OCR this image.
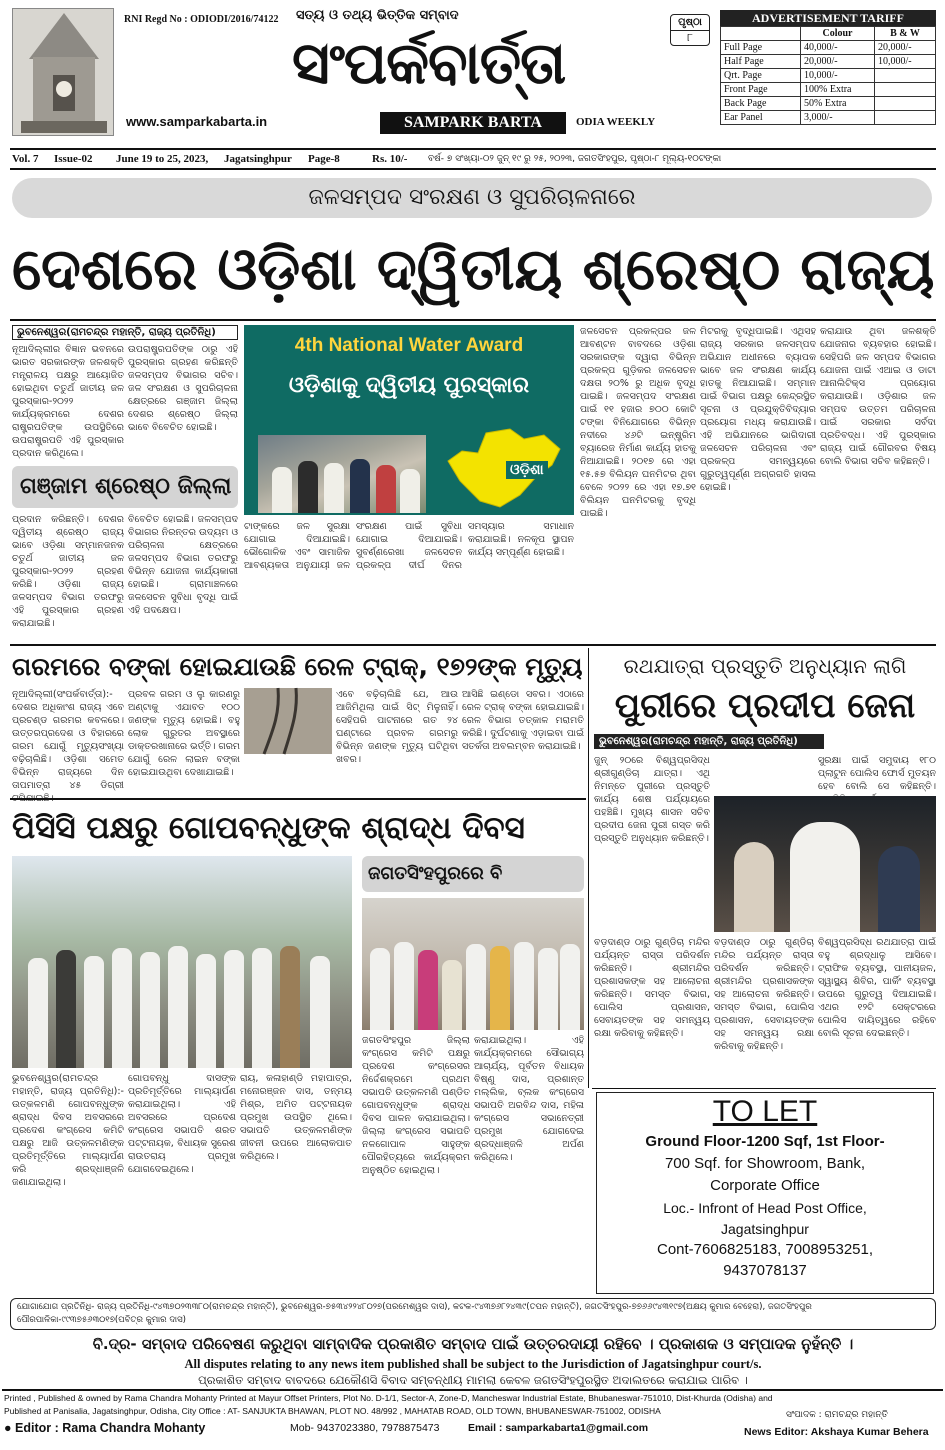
RNI Regd No : ODIODI/2016/74122 ସତ୍ୟ ଓ ତଥ୍ୟ ଭିତ୍ତିକ ସମ୍ବାଦ
ସଂପର୍କବାର୍ତ୍ତା
SAMPARK BARTA	ODIA WEEKLY
www.samparkabarta.in
ପୃଷ୍ଠା
୮
ADVERTISEMENT TARIFF
	Colour	B & W
Full Page	40,000/-	20,000/-
Half Page	20,000/-	10,000/-
Qrt. Page	10,000/-	
Front Page	100% Extra	
Back Page	50% Extra	
Ear Panel	3,000/-	
Vol. 7 Issue-02 June 19 to 25, 2023, Jagatsinghpur Page-8	Rs. 10/- ବର୍ଷ- ୭ ସଂଖ୍ୟା-୦୨ ଜୁନ୍ ୧୯ ରୁ ୨୫, ୨୦୨୩, ଜଗତସିଂହପୁର, ପୃଷ୍ଠା-୮ ମୂଲ୍ୟ-୧୦ଟଙ୍କା
ଜଳସମ୍ପଦ ସଂରକ୍ଷଣ ଓ ସୁପରିଚାଳନାରେ
ଦେଶରେ ଓଡ଼ିଶା ଦ୍ୱିତୀୟ ଶ୍ରେଷ୍ଠ ରାଜ୍ୟ
ଭୁବନେଶ୍ୱର(ରାମଚନ୍ଦ୍ର ମହାନ୍ତି, ରାଜ୍ୟ ପ୍ରତିନିଧି)
ନୂଆଦିଲ୍ଲୀର ବିଜ୍ଞାନ ଭବନରେ ଭାରତ ସରକାରଙ୍କ ଜଳଶକ୍ତି ମନ୍ତ୍ରାଳୟ ପକ୍ଷରୁ ଆୟୋଜିତ ହୋଇଥିବା ଚତୁର୍ଥ ଜାତୀୟ ଜଳ ପୁରସ୍କାର-୨୦୨୨ କାର୍ଯ୍ୟକ୍ରମରେ ଦେଶର ରାଷ୍ଟ୍ରପତିଙ୍କ ଉପସ୍ଥିତିରେ ଉପରାଷ୍ଟ୍ରପତି ଏହି ପୁରସ୍କାର ପ୍ରଦାନ କରିଥିଲେ।
ଉପରାଷ୍ଟ୍ରପତିଙ୍କ ଠାରୁ ଏହି ପୁରସ୍କାର ଗ୍ରହଣ କରିଛନ୍ତି ଜଳସମ୍ପଦ ବିଭାଗର ସଚିବ। ଜଳ ସଂରକ୍ଷଣ ଓ ସୁପରିଚାଳନା କ୍ଷେତ୍ରରେ ଗଞ୍ଜାମ ଜିଲ୍ଲା ଦେଶର ଶ୍ରେଷ୍ଠ ଜିଲ୍ଲା ଭାବେ ବିବେଚିତ ହୋଇଛି।
ଗଞ୍ଜାମ ଶ୍ରେଷ୍ଠ ଜିଲ୍ଲା
ପ୍ରଦାନ କରିଛନ୍ତି। ଦେଶର ଦ୍ୱିତୀୟ ଶ୍ରେଷ୍ଠ ରାଜ୍ୟ ଭାବେ ଓଡ଼ିଶା ସମ୍ମାନଜନକ ଚତୁର୍ଥ ଜାତୀୟ ଜଳ ପୁରସ୍କାର-୨୦୨୨ ଗ୍ରହଣ କରିଛି। ଓଡ଼ିଶା ରାଜ୍ୟ ଜଳସମ୍ପଦ ବିଭାଗ ତରଫରୁ ଏହି ପୁରସ୍କାର ଗ୍ରହଣ କରାଯାଇଛି।
ବିବେଚିତ ହୋଇଛି। ଜଳସମ୍ପଦ ବିଭାଗର ନିରନ୍ତର ଉଦ୍ୟମ ଓ ପରିଚାଳନା କ୍ଷେତ୍ରରେ ଜଳସମ୍ପଦ ବିଭାଗ ତରଫରୁ ବିଭିନ୍ନ ଯୋଜନା କାର୍ଯ୍ୟକାରୀ ହୋଇଛି। ଗ୍ରାମାଞ୍ଚଳରେ ଜଳସେଚନ ସୁବିଧା ବୃଦ୍ଧି ପାଇଁ ଏହି ପଦକ୍ଷେପ।
4th National Water Award
ଓଡ଼ିଶାକୁ ଦ୍ୱିତୀୟ ପୁରସ୍କାର
ଓଡ଼ିଶା
ଟାଙ୍କରେ ଜଳ ସୁରକ୍ଷା ଯୋଗାଇ ଦିଆଯାଇଛି। ଭୌଗୋଳିକ ଏବଂ ସାମାଜିକ ଆବଶ୍ୟକତା ଅନୁଯାୟୀ ଜଳ ସଂରକ୍ଷଣ ପାଇଁ ସୁବିଧା ଯୋଗାଇ ଦିଆଯାଇଛି। ସୁବର୍ଣ୍ଣରେଖା ଜଳସେଚନ ପ୍ରକଳ୍ପ ଦୀର୍ଘ ଦିନର ସମସ୍ୟାର ସମାଧାନ କରାଯାଇଛି। ନଳକୂପ ସ୍ଥାପନ କାର୍ଯ୍ୟ ସମ୍ପୂର୍ଣ୍ଣ ହୋଇଛି।
ଜଳସେଚନ ପ୍ରକଳ୍ପର ଜଳ ଆବଣ୍ଟନ ବାବଦରେ ଓଡ଼ିଶା ସରକାରଙ୍କ ଦ୍ୱାରା ବିଭିନ୍ନ ପ୍ରକଳ୍ପ ଗୁଡ଼ିକର ଜଳସେଚନ ଦକ୍ଷତା ୨୦% ରୁ ଅଧିକ ବୃଦ୍ଧି ପାଇଛି। ଜଳସମ୍ପଦ ସଂରକ୍ଷଣ ପାଇଁ ୧୧ ହଜାର ୭୦୦ କୋଟି ଟଙ୍କା ବିନିଯୋଗରେ ବିଭିନ୍ନ ନଦୀରେ ୪୬ଟି ଇନ୍‌ଷ୍ଟ୍ରିମ ବ୍ୟାରେଜ ନିର୍ମାଣ କାର୍ଯ୍ୟ ହାତକୁ ନିଆଯାଇଛି। ୨୦୧୭ ରେ ଏହା ୧୫.୫୭ ବିଲିୟନ ଘନମିଟର ଥିବା ବେଳେ ୨୦୨୨ ରେ ଏହା ୧୭.୭୧ ବିଲିୟନ ଘନମିଟରକୁ ବୃଦ୍ଧି ପାଇଛି।
ମିଟରକୁ ବୃଦ୍ଧିପାଇଛି। ଏଥିସହ ରାଜ୍ୟ ସରକାର ଜଳସମ୍ପଦ ଅଭିଯାନ ଅଧୀନରେ ବ୍ୟାପକ ଭାବେ ଜଳ ସଂରକ୍ଷଣ କାର୍ଯ୍ୟ ହାତକୁ ନିଆଯାଇଛି। ସମ୍ମାନ ପାଇଁ ବିଭାଗ ପକ୍ଷରୁ କେନ୍ଦ୍ରସ୍ଥିତ ସୂଚନା ଓ ପ୍ରଯୁକ୍ତିବିଦ୍ୟାର ପ୍ରୟୋଗ ମଧ୍ୟ କରାଯାଉଛି। ଏହି ଅଭିଯାନରେ ଭାଗିଦାରୀ ଜଳସେଚନ ପରିଚାଳନା ଏବଂ ପ୍ରକଳ୍ପ ସମନ୍ୱୟରେ ଗୁରୁତ୍ୱପୂର୍ଣ୍ଣ ଅଗ୍ରଗତି ହାସଲ ହୋଇଛି।
କରାଯାଉ ଥିବା ଜଳଶକ୍ତି ଯୋଜନାର ବ୍ୟବହାର ହୋଇଛି। ସେହିପରି ଜଳ ସମ୍ପଦ ବିଭାଗର ଯୋଜନା ପାଇଁ ଏଆଇ ଓ ଡାଟା ଆନାଲିଟିକ୍ସ ପ୍ରୟୋଗ କରାଯାଉଛି। ଓଡ଼ିଶାର ଜଳ ସମ୍ପଦ ଉତ୍ତମ ପରିଚାଳନା ପାଇଁ ସରକାର ସର୍ବଦା ପ୍ରତିବଦ୍ଧ। ଏହି ପୁରସ୍କାର ରାଜ୍ୟ ପାଇଁ ଗୌରବର ବିଷୟ ବୋଲି ବିଭାଗ ସଚିବ କହିଛନ୍ତି।
ଗରମରେ ବଙ୍କା ହୋଇଯାଉଛି ରେଳ ଟ୍ରାକ୍, ୧୭୨ଙ୍କ ମୃତ୍ୟୁ
ନୂଆଦିଲ୍ଲୀ(ସଂପର୍କବାର୍ତ୍ତା):- ଦେଶର ଅଧିକାଂଶ ରାଜ୍ୟ ଏବେ ପ୍ରଚଣ୍ଡ ଗରମର କବଳରେ। ଉତ୍ତରପ୍ରଦେଶ ଓ ବିହାରରେ ଗରମ ଯୋଗୁଁ ମୃତ୍ୟୁସଂଖ୍ୟା ବଢ଼ିଚାଲିଛି। ଓଡ଼ିଶା ସମେତ ବିଭିନ୍ନ ରାଜ୍ୟରେ ଦିନ ତାପମାତ୍ରା ୪୫ ଡିଗ୍ରୀ
ପ୍ରବଳ ଗରମ ଓ ଲୁ କାରଣରୁ ଅଣ୍ଟାକୁ ଏଯାବତ ୧୦୦ ଜଣଙ୍କ ମୃତ୍ୟୁ ହୋଇଛି। ବହୁ ଲୋକ ଗୁରୁତର ଅବସ୍ଥାରେ ଡାକ୍ତରଖାନାରେ ଭର୍ତ୍ତି। ଗରମ ଯୋଗୁଁ ରେଳ ଲାଇନ ବଙ୍କା ହୋଇଯାଉଥିବା ଦେଖାଯାଇଛି।
ଏବେ ବଢ଼ିଚାଲିଛି ଯେ, ଆଉ ଆଜିମିଥିଲା ପାଇଁ ସିଟ୍ ମିଳୁନାହିଁ। ସେହିପରି ପାଟନାରେ ଗତ ୨୪ ଘଣ୍ଟାରେ ପ୍ରବଳ ଗରମରୁ ବିଭିନ୍ନ ଜଣଙ୍କ ମୃତ୍ୟୁ ଘଟିଥିବା ଖବର।
ଆସିଛି ଇଣ୍ଡୋ ସବର। ଏଠାରେ ରେଳ ଟ୍ରାକ୍ ବଙ୍କା ହୋଇଯାଇଛି। ରେଳ ବିଭାଗ ତତ୍କାଳ ମରାମତି କରିଛି। ଦୁର୍ଘଟଣାକୁ ଏଡ଼ାଇବା ପାଇଁ ସତର୍କତା ଅବଲମ୍ବନ କରାଯାଇଛି।
ରଥଯାତ୍ରା ପ୍ରସ୍ତୁତି ଅନୁଧ୍ୟାନ ଲାଗି
ପୁରୀରେ ପ୍ରଦୀପ ଜେନା
ଭୁବନେଶ୍ୱର(ରାମଚନ୍ଦ୍ର ମହାନ୍ତି, ରାଜ୍ୟ ପ୍ରତିନିଧି)
ଜୁନ୍ ୨୦ରେ ବିଶ୍ୱପ୍ରସିଦ୍ଧ ଶ୍ରୀଗୁଣ୍ଡିଚା ଯାତ୍ରା। ଏଥି ନିମନ୍ତେ ପୁରୀରେ ପ୍ରସ୍ତୁତି କାର୍ଯ୍ୟ ଶେଷ ପର୍ଯ୍ୟାୟରେ ପହଞ୍ଚିଛି। ମୁଖ୍ୟ ଶାସନ ସଚିବ ପ୍ରଦୀପ ଜେନା ପୁରୀ ଗସ୍ତ କରି ପ୍ରସ୍ତୁତି ଅନୁଧ୍ୟାନ କରିଛନ୍ତି।
ସୁରକ୍ଷା ପାଇଁ ସମୁଦାୟ ୧୮୦ ପ୍ଲାଟୁନ ପୋଲିସ ଫୋର୍ସ ମୁତୟନ ହେବ ବୋଲି ସେ କହିଛନ୍ତି।
ବଡ଼ଦାଣ୍ଡ ଠାରୁ ଗୁଣ୍ଡିଚା ମନ୍ଦିର ପର୍ଯ୍ୟନ୍ତ ରାସ୍ତା ପରିଦର୍ଶନ କରିଛନ୍ତି। ଶ୍ରୀମନ୍ଦିର ପ୍ରଶାସକଙ୍କ ସହ ଆଲୋଚନା କରିଛନ୍ତି। ସମସ୍ତ ବିଭାଗ, ପୋଲିସ ପ୍ରଶାସନ, ସେବାୟତଙ୍କ ସହ ସମନ୍ୱୟ ରକ୍ଷା କରିବାକୁ କହିଛନ୍ତି।
ବଡ଼ଦାଣ୍ଡ ଠାରୁ ଗୁଣ୍ଡିଚା ମନ୍ଦିର ପର୍ଯ୍ୟନ୍ତ ରାସ୍ତା ପରିଦର୍ଶନ କରିଛନ୍ତି। ଶ୍ରୀମନ୍ଦିର ପ୍ରଶାସକଙ୍କ ସହ ଆଲୋଚନା କରିଛନ୍ତି। ସମସ୍ତ ବିଭାଗ, ପୋଲିସ ପ୍ରଶାସନ, ସେବାୟତଙ୍କ ସହ ସମନ୍ୱୟ ରକ୍ଷା କରିବାକୁ କହିଛନ୍ତି।
ବିଶ୍ୱପ୍ରସିଦ୍ଧ ରଥଯାତ୍ରା ପାଇଁ ବହୁ ଶ୍ରଦ୍ଧାଳୁ ଆସିବେ। ଟ୍ରାଫିକ ବ୍ୟବସ୍ଥା, ପାନୀୟଜଳ, ସ୍ୱାସ୍ଥ୍ୟ ଶିବିର, ପାର୍କିଂ ବ୍ୟବସ୍ଥା ଉପରେ ଗୁରୁତ୍ୱ ଦିଆଯାଇଛି। ଏଥର ୧୨ଟି ସେକ୍ଟରରେ ପୋଲିସ ଦାୟିତ୍ୱରେ ରହିବେ ବୋଲି ସୂଚନା ଦେଇଛନ୍ତି।
ପିସିସି ପକ୍ଷରୁ ଗୋପବନ୍ଧୁଙ୍କ ଶ୍ରାଦ୍ଧ ଦିବସ
ଜଗତସିଂହପୁରରେ ବି
ଭୁବନେଶ୍ୱର(ରାମଚନ୍ଦ୍ର ମହାନ୍ତି, ରାଜ୍ୟ ପ୍ରତିନିଧି):- ଉତ୍କଳମଣି ଗୋପବନ୍ଧୁଙ୍କ ଶ୍ରାଦ୍ଧ ଦିବସ ଅବସରରେ ପ୍ରଦେଶ କଂଗ୍ରେସ କମିଟି ପକ୍ଷରୁ ଆଜି ଉତ୍କଳମଣିଙ୍କ ପ୍ରତିମୂର୍ତ୍ତିରେ ମାଲ୍ୟାର୍ପଣ କରି ଶ୍ରଦ୍ଧାଞ୍ଜଳି ଜଣାଯାଇଥିଲା।
ଗୋପବନ୍ଧୁ ଦାସଙ୍କ ପ୍ରତିମୂର୍ତ୍ତିରେ ମାଲ୍ୟାର୍ପଣ କରାଯାଇଥିଲା। ଏହି ଅବସରରେ ପ୍ରଦେଶ କଂଗ୍ରେସ ସଭାପତି ଶରତ ପଟ୍ଟନାୟକ, ବିଧାୟକ ସୁରେଶ ରାଉତରାୟ ପ୍ରମୁଖ ଯୋଗଦେଇଥିଲେ।
ରାୟ, କଳାହାଣ୍ଡି ମହାପାତ୍ର, ମନୋରଞ୍ଜନ ଦାସ, ତନ୍ମୟ ମିଶ୍ର, ଅମିତ ପଟ୍ଟନାୟକ ପ୍ରମୁଖ ଉପସ୍ଥିତ ଥିଲେ। ସଭାପତି ଉତ୍କଳମଣିଙ୍କ ଜୀବନୀ ଉପରେ ଆଲୋକପାତ କରିଥିଲେ।
ଜଗତସିଂହପୁର ଜିଲ୍ଲା କଂଗ୍ରେସ କମିଟି ପକ୍ଷରୁ ପ୍ରଦେଶ କଂଗ୍ରେସର ନିର୍ଦ୍ଦେଶକ୍ରମେ ପ୍ରଥମ ସଭାପତି ଉତ୍କଳମଣି ପଣ୍ଡିତ ଗୋପବନ୍ଧୁଙ୍କ ଶ୍ରାଦ୍ଧ ଦିବସ ପାଳନ କରାଯାଇଥିଲା। ଜିଲ୍ଲା କଂଗ୍ରେସ ସଭାପତି ନଳଗୋପାଳ ସାହୁଙ୍କ ପୌରହିତ୍ୟରେ କାର୍ଯ୍ୟକ୍ରମ ଅନୁଷ୍ଠିତ ହୋଇଥିଲା।
କରାଯାଇଥିଲା। ଏହି କାର୍ଯ୍ୟକ୍ରମରେ ସୌଭାଗ୍ୟ ଆଚାର୍ଯ୍ୟ, ପୂର୍ବତନ ବିଧାୟକ ବିଷ୍ଣୁ ଦାସ, ପ୍ରଶାନ୍ତ ମଲ୍ଲିକ, ବ୍ଲକ କଂଗ୍ରେସ ସଭାପତି ଅରବିନ୍ଦ ଦାସ, ମହିଳା କଂଗ୍ରେସ ସଭାନେତ୍ରୀ ପ୍ରମୁଖ ଯୋଗଦେଇ ଶ୍ରଦ୍ଧାଞ୍ଜଳି ଅର୍ପଣ କରିଥିଲେ।
TO LET
Ground Floor-1200 Sqf, 1st Floor-
700 Sqf. for Showroom, Bank,
Corporate Office
Loc.- Infront of Head Post Office,
Jagatsinghpur
Cont-7606825183, 7008953251,
9437078137
ଯୋଗାଯୋଗ ପ୍ରତିନିଧି- ରାଜ୍ୟ ପ୍ରତିନିଧି-୯୪୩୭୦୨୩୩୮୦(ରାମଚନ୍ଦ୍ର ମହାନ୍ତି), ଭୁବନେଶ୍ୱର-୭୫୩୪୨୨୪୮୦୨୭(ପରମେଶ୍ୱର ଦାସ), କଟକ-୯୪୩୭୬୮୨୪୩୯(ତପନ ମହାନ୍ତି), ଜଗତସିଂହପୁର-୭୭୬୬୯୪୩୧୯୭(ଅକ୍ଷୟ କୁମାର ବେହେରା), ଜଗତସିଂହପୁର ପୌରପାଳିକା-୯୯୩୭୫୬୩୦୧୭(ପବିତ୍ର କୁମାର ଦାସ)
ବି.ଦ୍ର- ସମ୍ବାଦ ପରିବେଷଣ କରୁଥିବା ସାମ୍ବାଦିକ ପ୍ରକାଶିତ ସମ୍ବାଦ ପାଇଁ ଉତ୍ତରଦାୟୀ ରହିବେ । ପ୍ରକାଶକ ଓ ସମ୍ପାଦକ ନୁହଁନ୍ତି ।
All disputes relating to any news item published shall be subject to the Jurisdiction of Jagatsinghpur court/s.
ପ୍ରକାଶିତ ସମ୍ବାଦ ବାବଦରେ ଯେକୌଣସି ବିବାଦ ସମ୍ବନ୍ଧୀୟ ମାମଲା କେବଳ ଜଗତସିଂହପୁରସ୍ଥିତ ଅଦାଲତରେ କରାଯାଇ ପାରିବ ।
Printed , Published & owned by Rama Chandra Mohanty Printed at Mayur Offset Printers, Plot No. D-1/1, Sector-A, Zone-D, Mancheswar Industrial Estate, Bhubaneswar-751010, Dist-Khurda (Odisha) and
Published at Panisalia, Jagatsinghpur, Odisha, City Office : AT- SANJUKTA BHAWAN, PLOT NO. 48/992 , MAHATAB ROAD, OLD TOWN, BHUBANESWAR-751002, ODISHA
● Editor : Rama Chandra Mohanty	Mob- 9437023380, 7978875473	Email : samparkabarta1@gmail.com
ସଂପାଦକ : ରାମଚନ୍ଦ୍ର ମହାନ୍ତି
News Editor: Akshaya Kumar Behera
